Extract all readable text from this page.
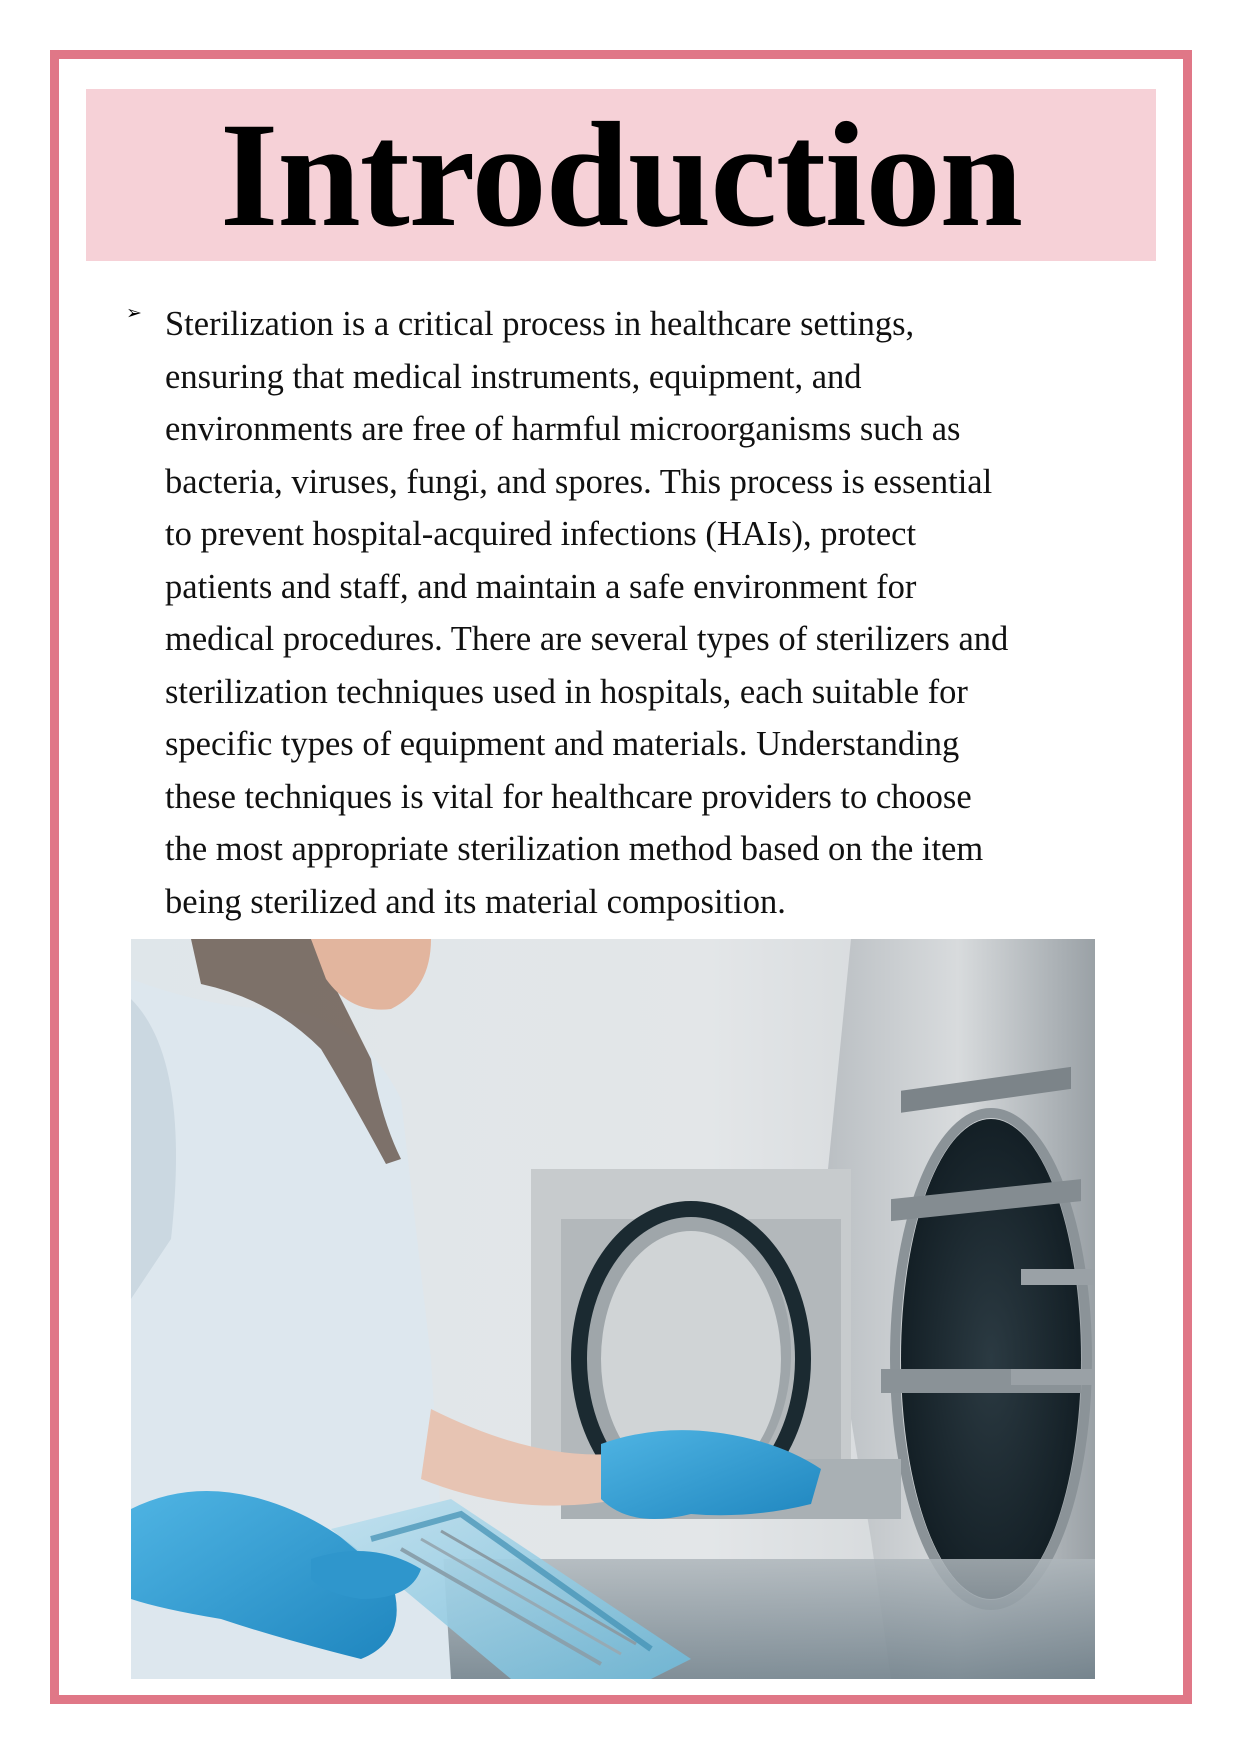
Introduction
➢ Sterilization is a critical process in healthcare settings,
ensuring that medical instruments, equipment, and
environments are free of harmful microorganisms such as
bacteria, viruses, fungi, and spores. This process is essential
to prevent hospital-acquired infections (HAIs), protect
patients and staff, and maintain a safe environment for
medical procedures. There are several types of sterilizers and
sterilization techniques used in hospitals, each suitable for
specific types of equipment and materials. Understanding
these techniques is vital for healthcare providers to choose
the most appropriate sterilization method based on the item
being sterilized and its material composition.
